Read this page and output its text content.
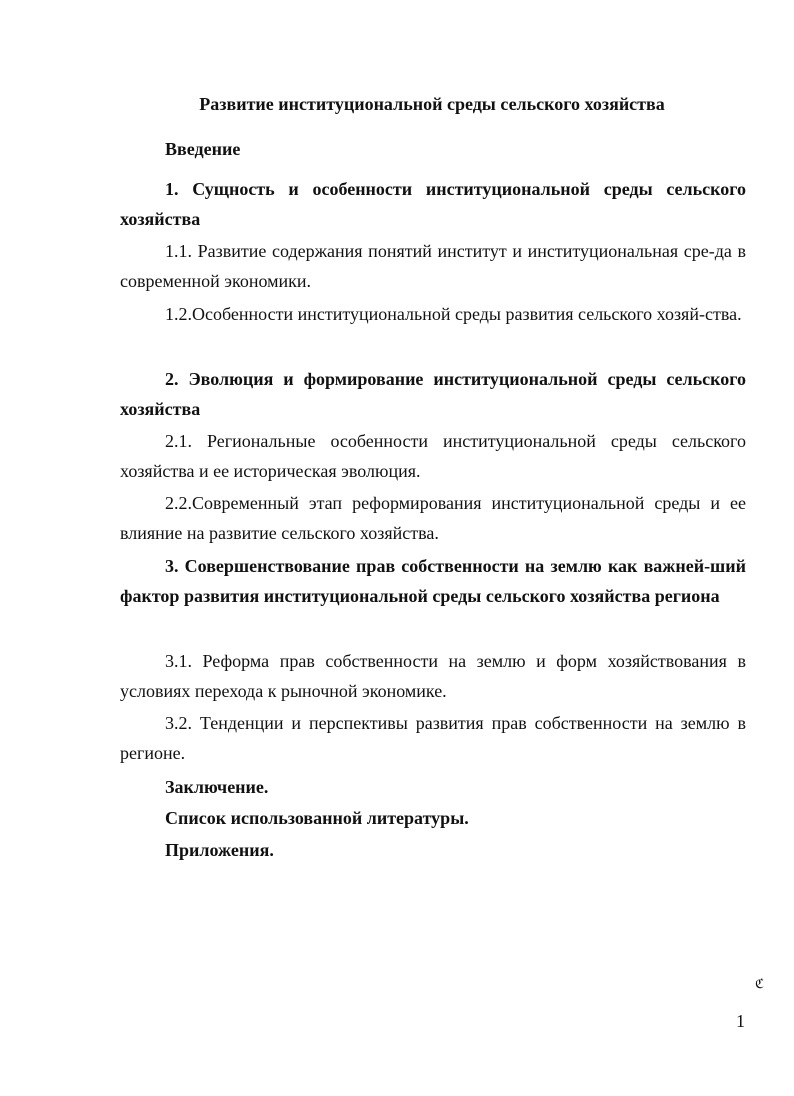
Развитие институциональной среды сельского хозяйства

Введение

1. Сущность и особенности институциональной среды сельского хозяйства

1.1. Развитие содержания понятий институт и институциональная сре-да в современной экономики.

1.2.Особенности институциональной среды развития сельского хозяй-ства.

2. Эволюция и формирование институциональной среды сельского хозяйства

2.1. Региональные особенности институциональной среды сельского хозяйства и ее историческая эволюция.

2.2.Современный этап реформирования институциональной среды и ее влияние на развитие сельского хозяйства.

3. Совершенствование прав собственности на землю как важней-ший фактор развития институциональной среды сельского хозяйства региона

3.1. Реформа прав собственности на землю и форм хозяйствования в условиях перехода к рыночной экономике.

3.2. Тенденции и перспективы развития прав собственности на землю в регионе.

Заключение.

Список использованной литературы.

Приложения.

ℭ
1
